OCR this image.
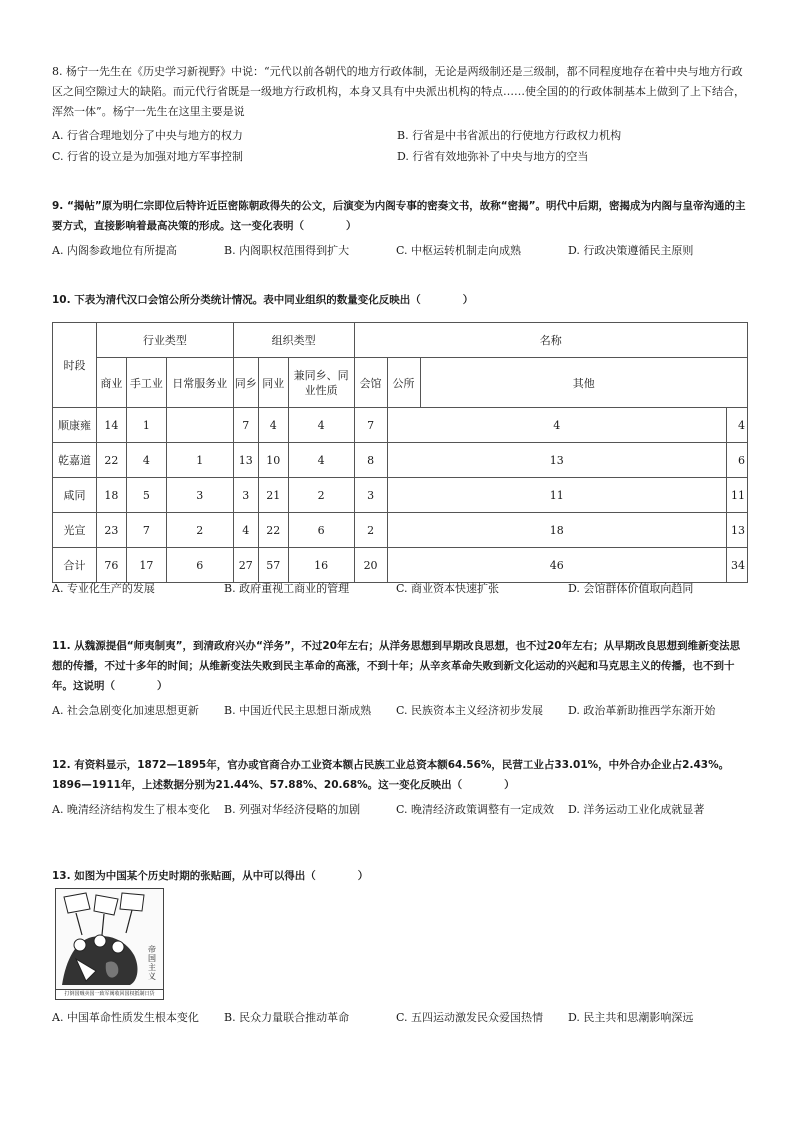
8. 杨宁一先生在《历史学习新视野》中说：“元代以前各朝代的地方行政体制，无论是两级制还是三级制，都不同程度地存在着中央与地方行政区之间空隙过大的缺陷。而元代行省既是一级地方行政机构，本身又具有中央派出机构的特点……使全国的的行政体制基本上做到了上下结合，浑然一体”。杨宁一先生在这里主要是说

A. 行省合理地划分了中央与地方的权力	B. 行省是中书省派出的行使地方行政权力机构
C. 行省的设立是为加强对地方军事控制	D. 行省有效地弥补了中央与地方的空当

9. “揭帖”原为明仁宗即位后特许近臣密陈朝政得失的公文，后演变为内阁专事的密奏文书，故称“密揭”。明代中后期，密揭成为内阁与皇帝沟通的主要方式，直接影响着最高决策的形成。这一变化表明（　　　　）

A. 内阁参政地位有所提高	B. 内阁职权范围得到扩大	C. 中枢运转机制走向成熟	D. 行政决策遵循民主原则

10. 下表为清代汉口会馆公所分类统计情况。表中同业组织的数量变化反映出（　　　　）

时段	行业类型			组织类型			名称			
	商业	手工业	日常服务业	同乡	同业	兼同乡、同业性质	会馆	公所	其他	
顺康雍	14	1		7	4	4	7	4		4
乾嘉道	22	4	1	13	10	4	8	13		6
咸同	18	5	3	3	21	2	3	11		11
光宣	23	7	2	4	22	6	2	18		13
合计	76	17	6	27	57	16	20	46		34
A. 专业化生产的发展	B. 政府重视工商业的管理	C. 商业资本快速扩张	D. 会馆群体价值取向趋同

11. 从魏源提倡“师夷制夷”，到清政府兴办“洋务”，不过20年左右；从洋务思想到早期改良思想，也不过20年左右；从早期改良思想到维新变法思想的传播，不过十多年的时间；从维新变法失败到民主革命的高涨，不到十年；从辛亥革命失败到新文化运动的兴起和马克思主义的传播，也不到十年。这说明（　　　　）

A. 社会急剧变化加速思想更新	B. 中国近代民主思想日渐成熟	C. 民族资本主义经济初步发展	D. 政治革新助推西学东渐开始

12. 有资料显示，1872—1895年，官办或官商合办工业资本额占民族工业总资本额64.56%，民营工业占33.01%，中外合办企业占2.43%。1896—1911年，上述数据分别为21.44%、57.88%、20.68%。这一变化反映出（　　　　）

A. 晚清经济结构发生了根本变化	B. 列强对华经济侵略的加剧	C. 晚清经济政策调整有一定成效	D. 洋务运动工业化成就显著

13. 如图为中国某个历史时期的张贴画，从中可以得出（　　　　）

帝国主义
打倒国贼卖国一致军阀收回国权抵制日货
A. 中国革命性质发生根本变化	B. 民众力量联合推动革命	C. 五四运动激发民众爱国热情	D. 民主共和思潮影响深远
